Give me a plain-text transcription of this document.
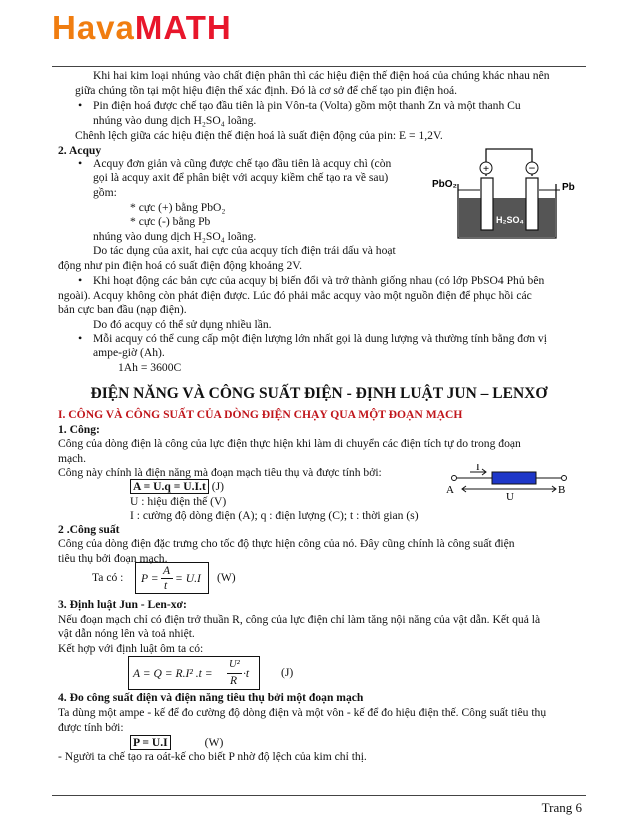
HavaMATH
Khi hai kim loại nhúng vào chất điện phân thì các hiệu điện thế điện hoá của chúng khác nhau nên
giữa chúng tồn tại một hiệu điện thế xác định. Đó là cơ sở để chế tạo pin điện hoá.
• Pin điện hoá được chế tạo đầu tiên là pin Vôn-ta (Volta) gồm một thanh Zn và một thanh Cu
nhúng vào dung dịch H₂SO₄ loãng.
Chênh lệch giữa các hiệu điện thế điện hoá là suất điện động của pin: E = 1,2V.
2. Acquy
• Acquy đơn giản và cũng được chế tạo đầu tiên là acquy chì (còn
gọi là acquy axit để phân biệt với acquy kiềm chế tạo ra về sau)
gồm:
* cực (+) bằng PbO₂
* cực (-) bằng Pb
nhúng vào dung dịch H₂SO₄ loãng.
Do tác dụng của axit, hai cực của acquy tích điện trái dấu và hoạt
động như pin điện hoá có suất điện động khoảng 2V.
+	−
PbO₂	Pb
H₂SO₄
• Khi hoạt động các bản cực của acquy bị biến đổi và trở thành giống nhau (có lớp PbSO4 Phủ bên
ngoài). Acquy không còn phát điện được. Lúc đó phải mắc acquy vào một nguồn điện để phục hồi các
bản cực ban đầu (nạp điện).
Do đó acquy có thể sử dụng nhiều lần.
• Mỗi acquy có thể cung cấp một điện lượng lớn nhất gọi là dung lượng và thường tính bằng đơn vị
ampe-giờ (Ah).
1Ah = 3600C
ĐIỆN NĂNG VÀ CÔNG SUẤT ĐIỆN - ĐỊNH LUẬT JUN – LENXƠ
I. CÔNG VÀ CÔNG SUẤT CỦA DÒNG ĐIỆN CHẠY QUA MỘT ĐOẠN MẠCH
1. Công:
Công của dòng điện là công của lực điện thực hiện khi làm di chuyển các điện tích tự do trong đoạn
mạch.
Công này chính là điện năng mà đoạn mạch tiêu thụ và được tính bởi:
A = U.q = U.I.t (J)
U : hiệu điện thế (V)
I : cường độ dòng điện (A); q : điện lượng (C); t : thời gian (s)
I
U
A	B
2 .Công suất
Công của dòng điện đặc trưng cho tốc độ thực hiện công của nó. Đây cũng chính là công suất điện
tiêu thụ bởi đoạn mạch.
Ta có : P =
A
t
= U.I (W)
3. Định luật Jun - Len-xơ:
Nếu đoạn mạch chỉ có điện trở thuần R, công của lực điện chỉ làm tăng nội năng của vật dẫn. Kết quả là
vật dẫn nóng lên và toả nhiệt.
Kết hợp với định luật ôm ta có:
A = Q = R.I² .t =
U²
R
·t	(J)
4. Đo công suất điện và điện năng tiêu thụ bởi một đoạn mạch
Ta dùng một ampe - kế để đo cường độ dòng điện và một vôn - kế để đo hiệu điện thế. Công suất tiêu thụ
được tính bởi:
P = U.I	(W)
- Người ta chế tạo ra oát-kế cho biết P nhờ độ lệch của kim chỉ thị.
Trang 6
